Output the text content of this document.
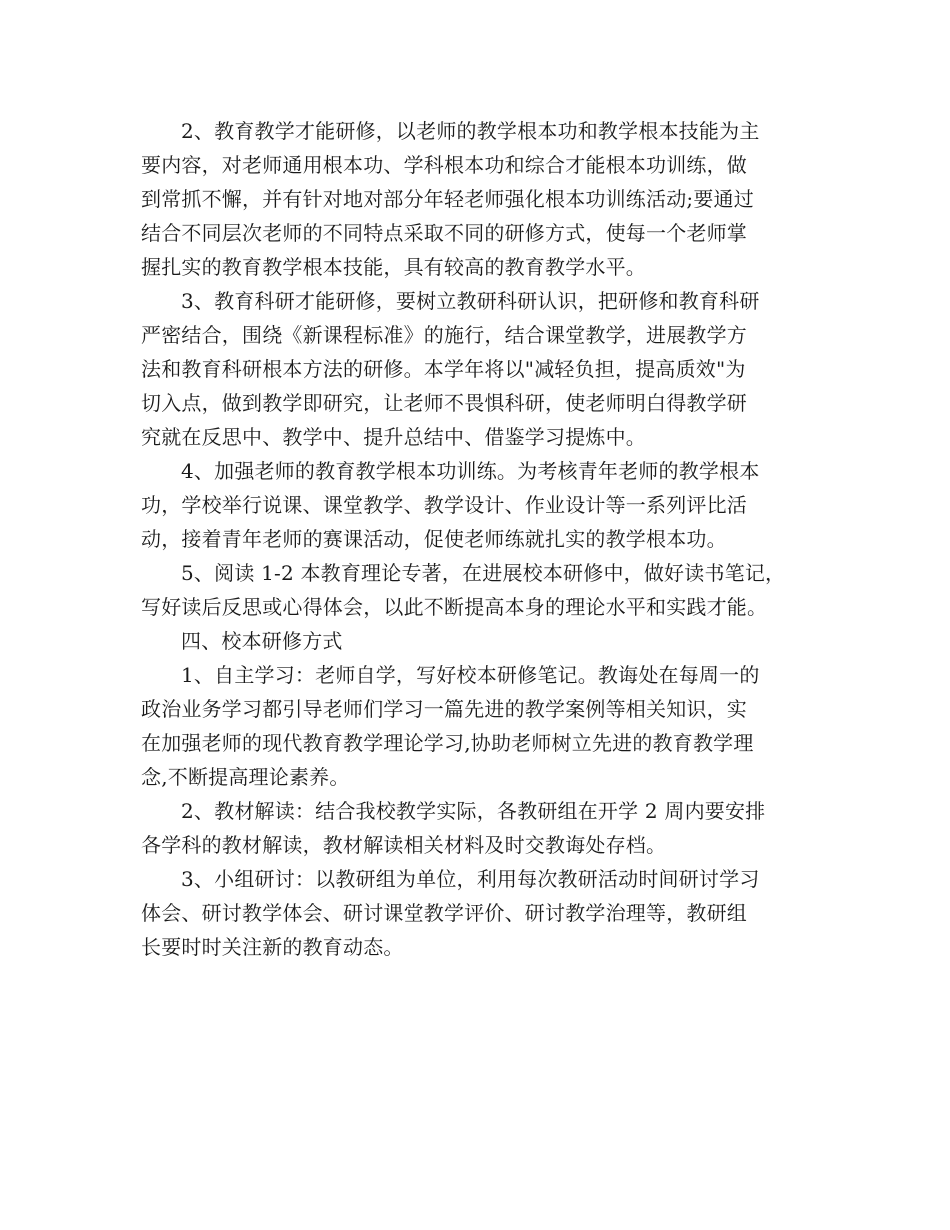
2、教育教学才能研修，以老师的教学根本功和教学根本技能为主
要内容，对老师通用根本功、学科根本功和综合才能根本功训练，做
到常抓不懈，并有针对地对部分年轻老师强化根本功训练活动;要通过
结合不同层次老师的不同特点采取不同的研修方式，使每一个老师掌
握扎实的教育教学根本技能，具有较高的教育教学水平。

3、教育科研才能研修，要树立教研科研认识，把研修和教育科研
严密结合，围绕《新课程标准》的施行，结合课堂教学，进展教学方
法和教育科研根本方法的研修。本学年将以"减轻负担，提高质效"为
切入点，做到教学即研究，让老师不畏惧科研，使老师明白得教学研
究就在反思中、教学中、提升总结中、借鉴学习提炼中。

4、加强老师的教育教学根本功训练。为考核青年老师的教学根本
功，学校举行说课、课堂教学、教学设计、作业设计等一系列评比活
动，接着青年老师的赛课活动，促使老师练就扎实的教学根本功。

5、阅读 1-2 本教育理论专著，在进展校本研修中，做好读书笔记，
写好读后反思或心得体会，以此不断提高本身的理论水平和实践才能。

四、校本研修方式

1、自主学习：老师自学，写好校本研修笔记。教诲处在每周一的
政治业务学习都引导老师们学习一篇先进的教学案例等相关知识，实
在加强老师的现代教育教学理论学习,协助老师树立先进的教育教学理
念,不断提高理论素养。

2、教材解读：结合我校教学实际，各教研组在开学 2 周内要安排
各学科的教材解读，教材解读相关材料及时交教诲处存档。

3、小组研讨：以教研组为单位，利用每次教研活动时间研讨学习
体会、研讨教学体会、研讨课堂教学评价、研讨教学治理等，教研组
长要时时关注新的教育动态。
